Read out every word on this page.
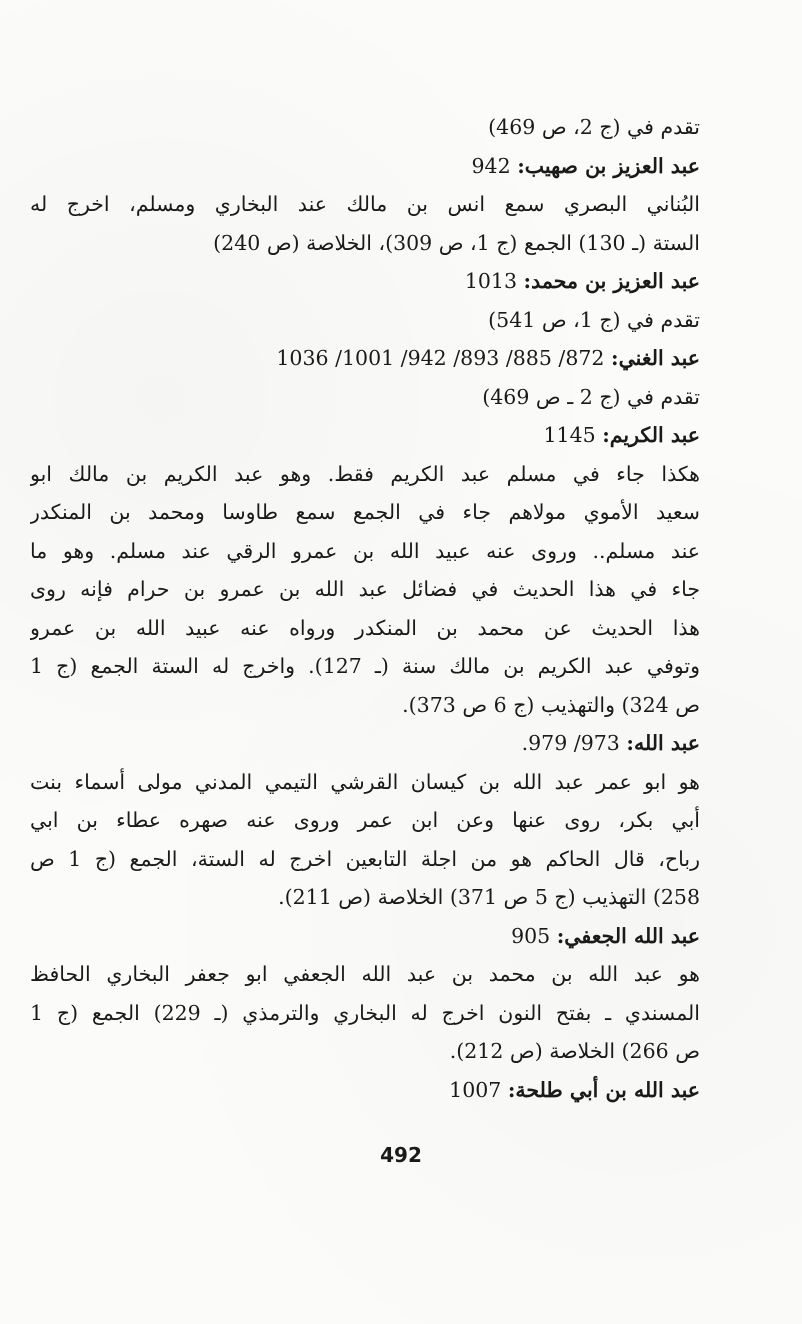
تقدم في (ج 2، ص 469)
عبد العزيز بن صهيب: 942
البُناني البصري سمع انس بن مالك عند البخاري ومسلم، اخرج له
الستة (ـ 130) الجمع (ج 1، ص 309)، الخلاصة (ص 240)
عبد العزيز بن محمد: 1013
تقدم في (ج 1، ص 541)
عبد الغني: 872/ 885/ 893/ 942/ 1001/ 1036
تقدم في (ج 2 ـ ص 469)
عبد الكريم: 1145
هكذا جاء في مسلم عبد الكريم فقط. وهو عبد الكريم بن مالك ابو
سعيد الأموي مولاهم جاء في الجمع سمع طاوسا ومحمد بن المنكدر
عند مسلم.. وروى عنه عبيد الله بن عمرو الرقي عند مسلم. وهو ما
جاء في هذا الحديث في فضائل عبد الله بن عمرو بن حرام فإنه روى
هذا الحديث عن محمد بن المنكدر ورواه عنه عبيد الله بن عمرو
وتوفي عبد الكريم بن مالك سنة (ـ 127). واخرج له الستة الجمع (ج 1
ص 324) والتهذيب (ج 6 ص 373).
عبد الله: 973/ 979.
هو ابو عمر عبد الله بن كيسان القرشي التيمي المدني مولى أسماء بنت
أبي بكر، روى عنها وعن ابن عمر وروى عنه صهره عطاء بن ابي
رباح، قال الحاكم هو من اجلة التابعين اخرج له الستة، الجمع (ج 1 ص
258) التهذيب (ج 5 ص 371) الخلاصة (ص 211).
عبد الله الجعفي: 905
هو عبد الله بن محمد بن عبد الله الجعفي ابو جعفر البخاري الحافظ
المسندي ـ بفتح النون اخرج له البخاري والترمذي (ـ 229) الجمع (ج 1
ص 266) الخلاصة (ص 212).
عبد الله بن أبي طلحة: 1007
492
